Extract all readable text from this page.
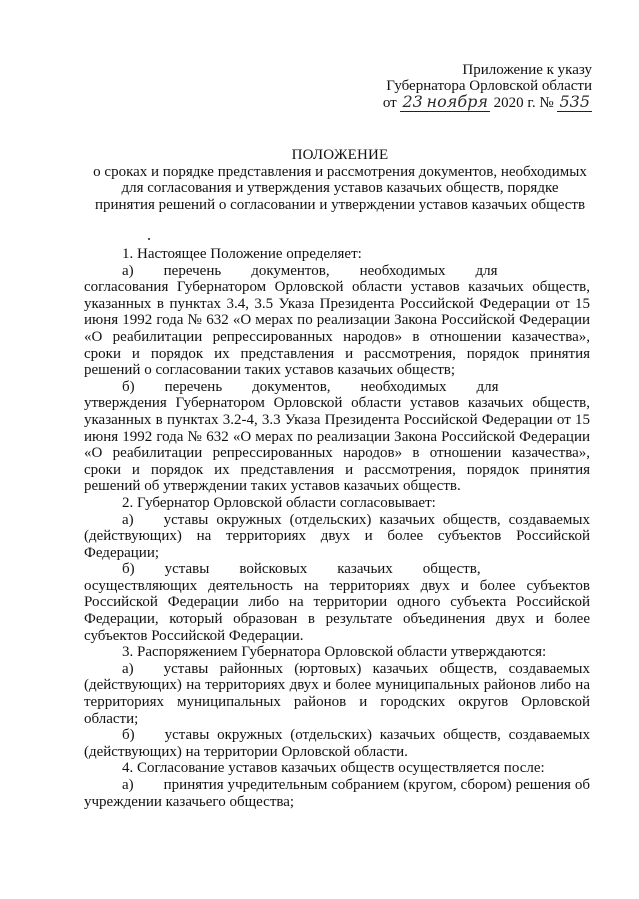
Приложение к указу
Губернатора Орловской области
от 23 ноября 2020 г. № 535
ПОЛОЖЕНИЕ
о сроках и порядке представления и рассмотрения документов, необходимых
для согласования и утверждения уставов казачьих обществ, порядке
принятия решений о согласовании и утверждении уставов казачьих обществ

1. Настоящее Положение определяет:

а)  перечень  документов,  необходимых  для  согласования Губернатором Орловской области уставов казачьих обществ, указанных в пунктах 3.4, 3.5 Указа Президента Российской Федерации от 15 июня 1992 года № 632 «О мерах по реализации Закона Российской Федерации «О реабилитации репрессированных народов» в отношении казачества», сроки и порядок их представления и рассмотрения, порядок принятия решений о согласовании таких уставов казачьих обществ;

б)  перечень  документов,  необходимых  для  утверждения Губернатором Орловской области уставов казачьих обществ, указанных в пунктах 3.2-4, 3.3 Указа Президента Российской Федерации от 15 июня 1992 года № 632 «О мерах по реализации Закона Российской Федерации «О реабилитации репрессированных народов» в отношении казачества», сроки и порядок их представления и рассмотрения, порядок принятия решений об утверждении таких уставов казачьих обществ.

2. Губернатор Орловской области согласовывает:

а)  уставы окружных (отдельских) казачьих обществ, создаваемых (действующих) на территориях двух и более субъектов Российской Федерации;

б)  уставы  войсковых  казачьих  обществ,  осуществляющих деятельность на территориях двух и более субъектов Российской Федерации либо на территории одного субъекта Российской Федерации, который образован в результате объединения двух и более субъектов Российской Федерации.

3. Распоряжением Губернатора Орловской области утверждаются:

а)  уставы районных (юртовых) казачьих обществ, создаваемых (действующих) на территориях двух и более муниципальных районов либо на территориях муниципальных районов и городских округов Орловской области;

б)  уставы окружных (отдельских) казачьих обществ, создаваемых (действующих) на территории Орловской области.

4. Согласование уставов казачьих обществ осуществляется после:

а)  принятия учредительным собранием (кругом, сбором) решения об учреждении казачьего общества;
